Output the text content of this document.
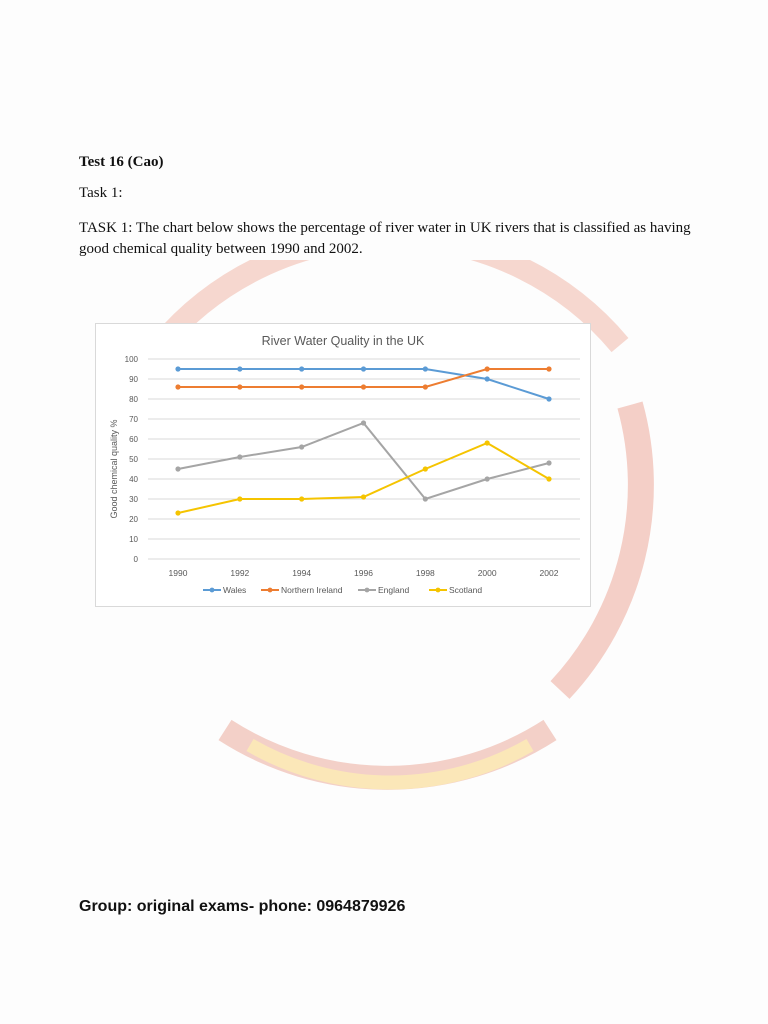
Test 16 (Cao)
Task 1:
TASK 1: The chart below shows the percentage of river water in UK rivers that is classified as having good chemical quality between 1990 and 2002.
River Water Quality in the UK
Good chemical quality %
0
10
20
30
40
50
60
70
80
90
100
1990	1992	1994	1996	1998	2000	2002
Wales	Northern Ireland	England	Scotland
Group: original exams- phone: 0964879926
